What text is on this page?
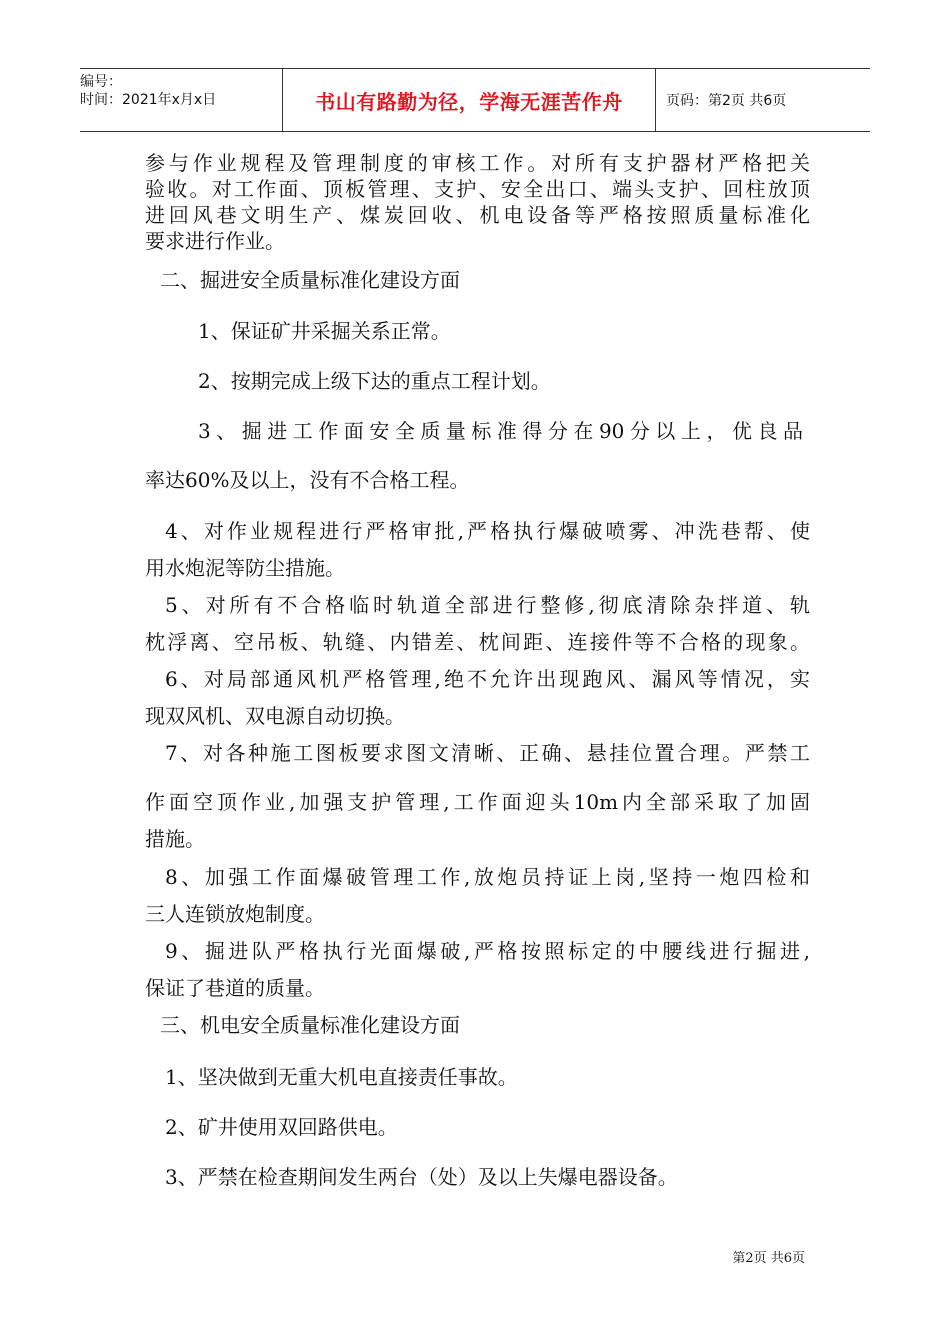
编号：
时间：2021年x月x日	书山有路勤为径，学海无涯苦作舟	页码：第2页 共6页
参与作业规程及管理制度的审核工作。对所有支护器材严格把关
验收。对工作面、顶板管理、支护、安全出口、端头支护、回柱放顶
进回风巷文明生产、煤炭回收、机电设备等严格按照质量标准化
要求进行作业。
二、掘进安全质量标准化建设方面
1、保证矿井采掘关系正常。
2、按期完成上级下达的重点工程计划。
3、掘进工作面安全质量标准得分在90分以上，优良品
率达60%及以上，没有不合格工程。
4、对作业规程进行严格审批,严格执行爆破喷雾、冲洗巷帮、使
用水炮泥等防尘措施。
5、对所有不合格临时轨道全部进行整修,彻底清除杂拌道、轨
枕浮离、空吊板、轨缝、内错差、枕间距、连接件等不合格的现象。
6、对局部通风机严格管理,绝不允许出现跑风、漏风等情况，实
现双风机、双电源自动切换。
7、对各种施工图板要求图文清晰、正确、悬挂位置合理。严禁工
作面空顶作业,加强支护管理,工作面迎头10m内全部采取了加固
措施。
8、加强工作面爆破管理工作,放炮员持证上岗,坚持一炮四检和
三人连锁放炮制度。
9、掘进队严格执行光面爆破,严格按照标定的中腰线进行掘进,
保证了巷道的质量。
三、机电安全质量标准化建设方面
1、坚决做到无重大机电直接责任事故。
2、矿井使用双回路供电。
3、严禁在检查期间发生两台（处）及以上失爆电器设备。
第2页 共6页
